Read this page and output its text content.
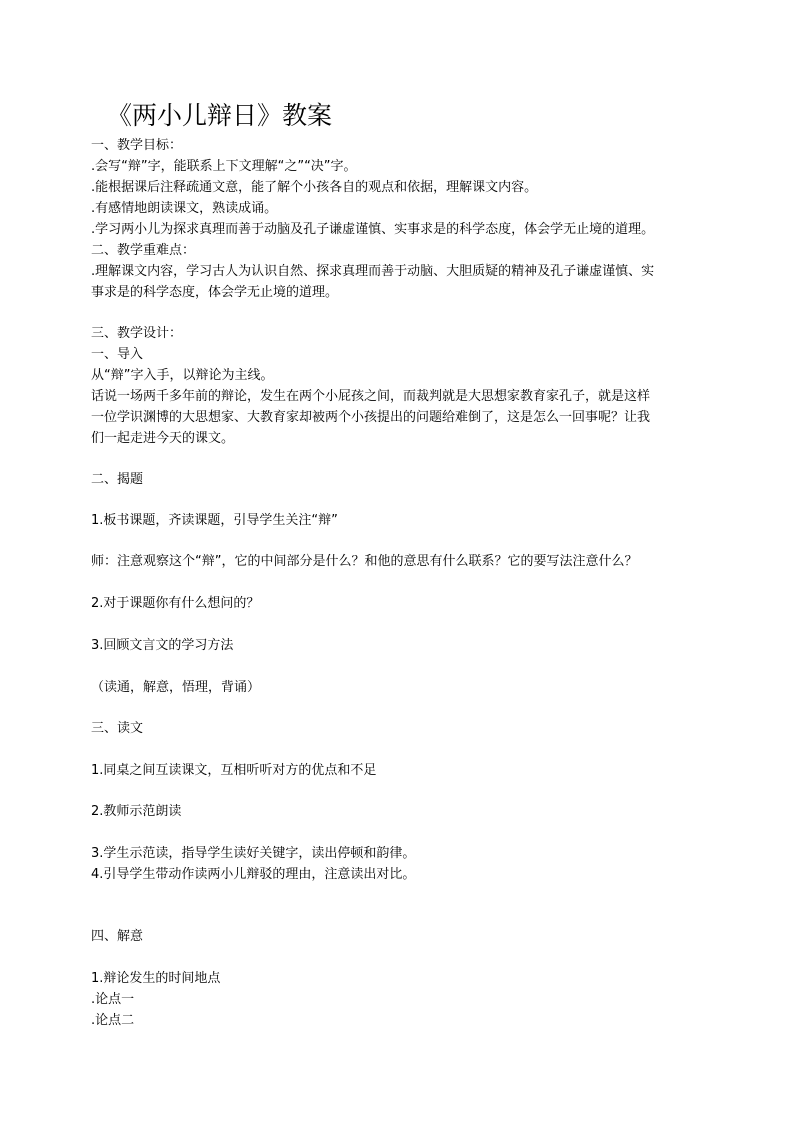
《两小儿辩日》教案
一、教学目标：
.会写“辩”字，能联系上下文理解“之”“决”字。
.能根据课后注释疏通文意，能了解个小孩各自的观点和依据，理解课文内容。
.有感情地朗读课文，熟读成诵。
.学习两小儿为探求真理而善于动脑及孔子谦虚谨慎、实事求是的科学态度，体会学无止境的道理。
二、教学重难点：
.理解课文内容，学习古人为认识自然、探求真理而善于动脑、大胆质疑的精神及孔子谦虚谨慎、实
事求是的科学态度，体会学无止境的道理。
三、教学设计：
一、导入
从“辩”字入手，以辩论为主线。
话说一场两千多年前的辩论，发生在两个小屁孩之间，而裁判就是大思想家教育家孔子，就是这样
一位学识渊博的大思想家、大教育家却被两个小孩提出的问题给难倒了，这是怎么一回事呢？让我
们一起走进今天的课文。
二、揭题
1.板书课题，齐读课题，引导学生关注“辩”
师：注意观察这个“辩”，它的中间部分是什么？和他的意思有什么联系？它的要写法注意什么？
2.对于课题你有什么想问的？
3.回顾文言文的学习方法
（读通，解意，悟理，背诵）
三、读文
1.同桌之间互读课文，互相听听对方的优点和不足
2.教师示范朗读
3.学生示范读，指导学生读好关键字，读出停顿和韵律。
4.引导学生带动作读两小儿辩驳的理由，注意读出对比。
四、解意
1.辩论发生的时间地点
.论点一
.论点二
